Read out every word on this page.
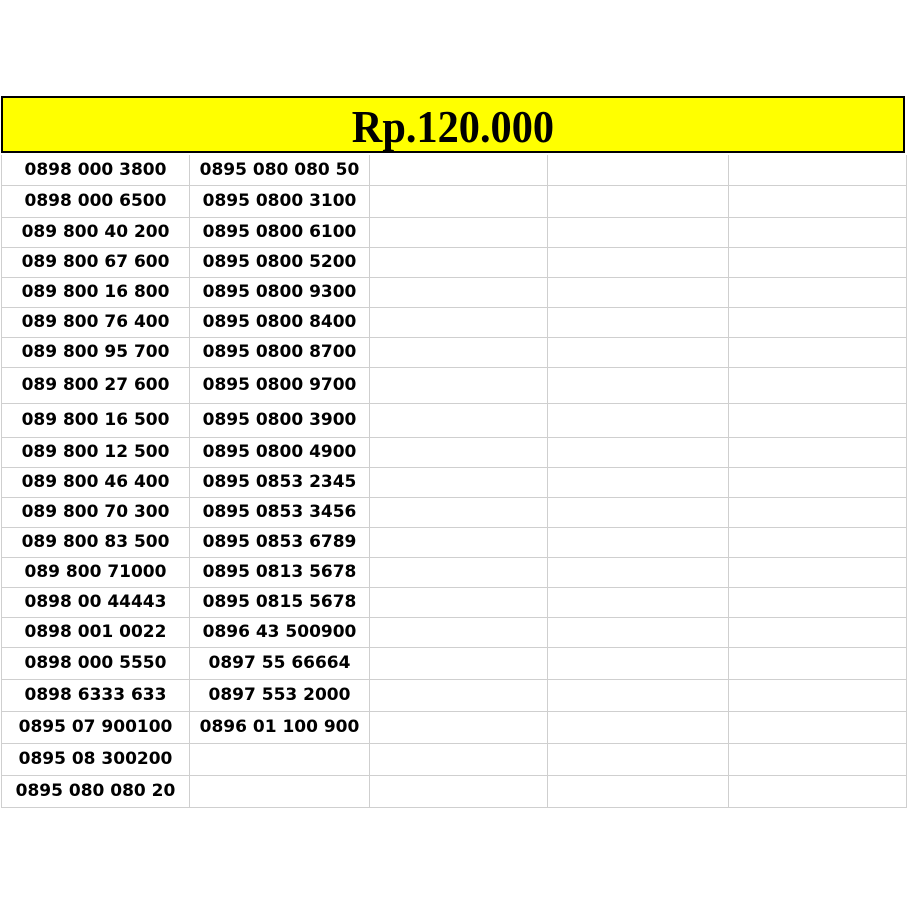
Rp.120.000
0898 000 3800	0895 080 080 50			
0898 000 6500	0895 0800 3100			
089 800 40 200	0895 0800 6100			
089 800 67 600	0895 0800 5200			
089 800 16 800	0895 0800 9300			
089 800 76 400	0895 0800 8400			
089 800 95 700	0895 0800 8700			
089 800 27 600	0895 0800 9700			
089 800 16 500	0895 0800 3900			
089 800 12 500	0895 0800 4900			
089 800 46 400	0895 0853 2345			
089 800 70 300	0895 0853 3456			
089 800 83 500	0895 0853 6789			
089 800 71000	0895 0813 5678			
0898 00 44443	0895 0815 5678			
0898 001 0022	0896 43 500900			
0898 000 5550	0897 55 66664			
0898 6333 633	0897 553 2000			
0895 07 900100	0896 01 100 900			
0895 08 300200				
0895 080 080 20				
